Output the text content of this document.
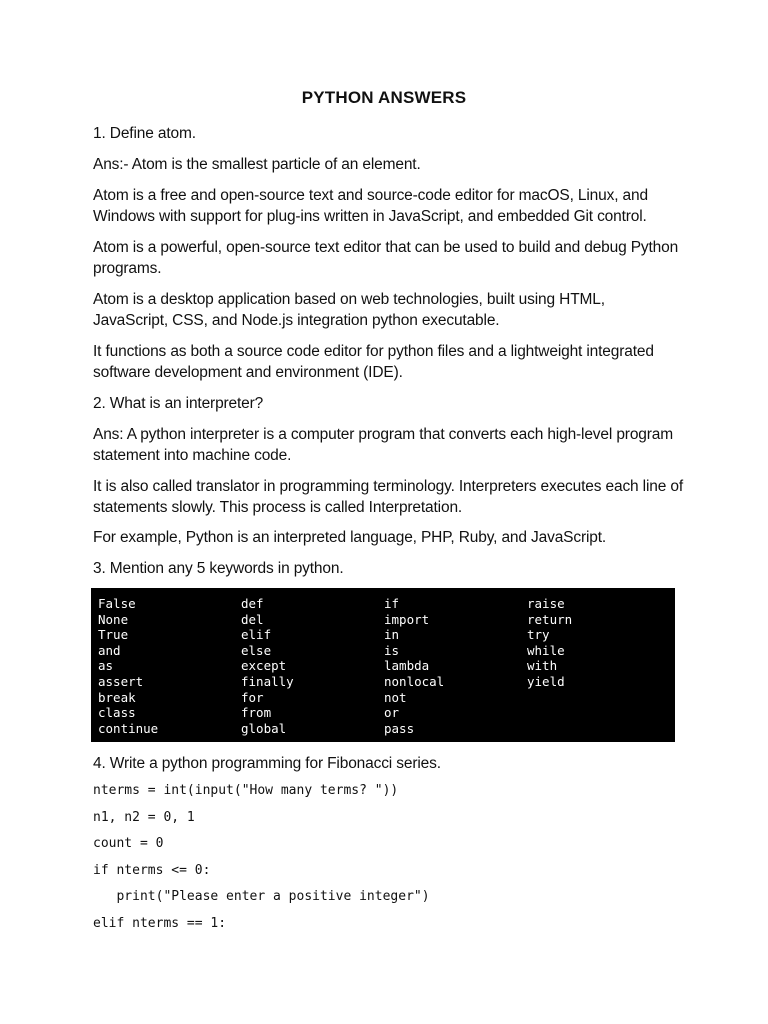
PYTHON ANSWERS

1. Define atom.

Ans:- Atom is the smallest particle of an element.

Atom is a free and open-source text and source-code editor for macOS, Linux, and Windows with support for plug-ins written in JavaScript, and embedded Git control.

Atom is a powerful, open-source text editor that can be used to build and debug Python programs.

Atom is a desktop application based on web technologies, built using HTML, JavaScript, CSS, and Node.js integration python executable.

It functions as both a source code editor for python files and a lightweight integrated software development and environment (IDE).

2. What is an interpreter?

Ans: A python interpreter is a computer program that converts each high-level program statement into machine code.

It is also called translator in programming terminology. Interpreters executes each line of statements slowly. This process is called Interpretation.

For example, Python is an interpreted language, PHP, Ruby, and JavaScript.

3. Mention any 5 keywords in python.

False
None
True
and
as
assert
break
class
continue
def
del
elif
else
except
finally
for
from
global
if
import
in
is
lambda
nonlocal
not
or
pass
raise
return
try
while
with
yield

4. Write a python programming for Fibonacci series.

nterms = int(input("How many terms? "))
n1, n2 = 0, 1
count = 0
if nterms <= 0:
print("Please enter a positive integer")
elif nterms == 1:
